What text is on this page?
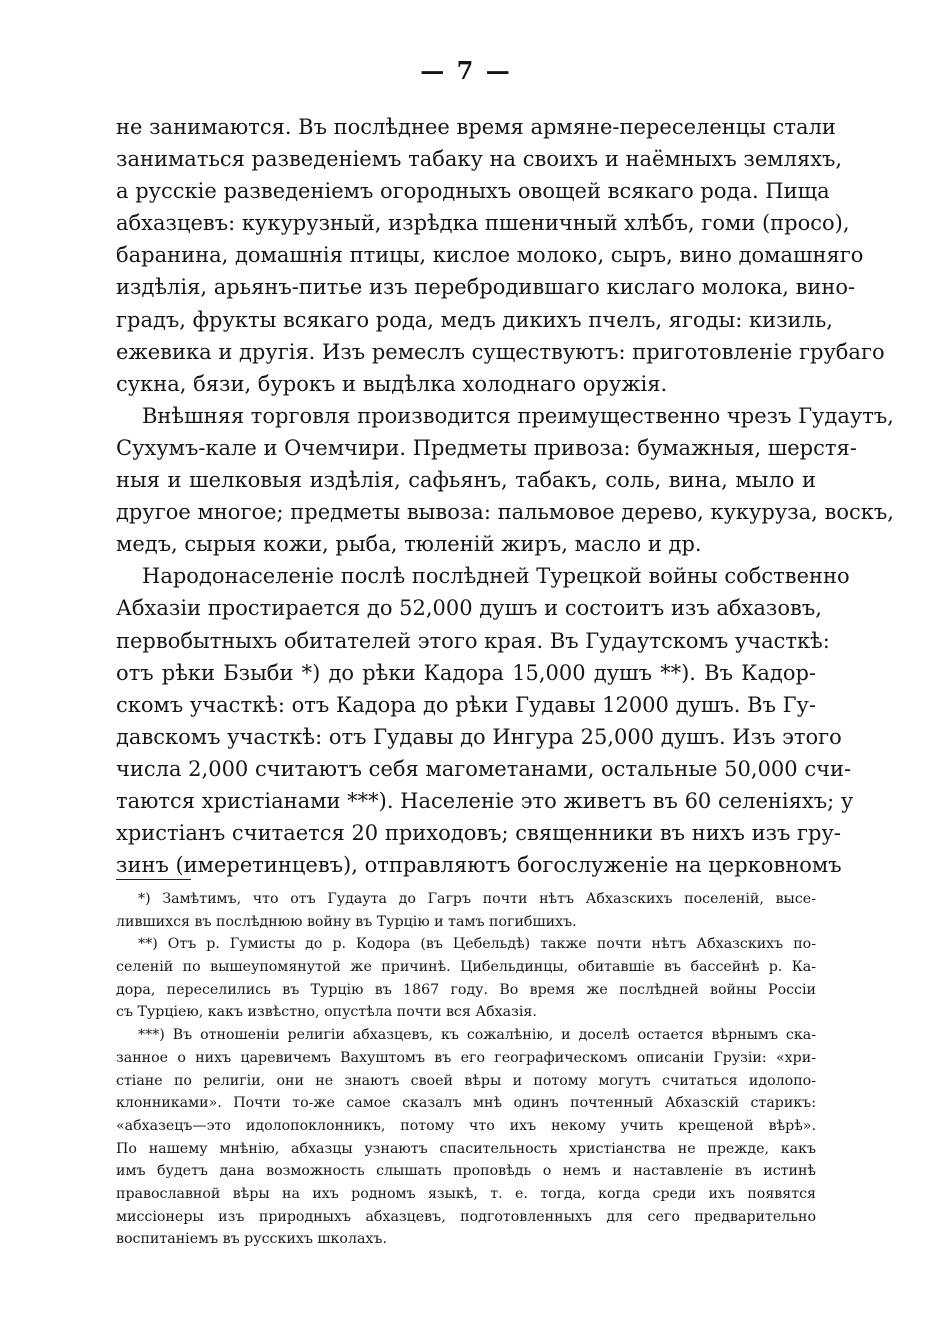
— 7 —
не занимаются. Въ послѣднее время армяне-переселенцы стали
заниматься разведенiемъ табаку на своихъ и наёмныхъ земляхъ,
а русскiе разведенiемъ огородныхъ овощей всякаго рода. Пища
абхазцевъ: кукурузный, изрѣдка пшеничный хлѣбъ, гоми (просо),
баранина, домашнiя птицы, кислое молоко, сыръ, вино домашняго
издѣлiя, арьянъ-питье изъ перебродившаго кислаго молока, вино-
градъ, фрукты всякаго рода, медъ дикихъ пчелъ, ягоды: кизиль,
ежевика и другiя. Изъ ремеслъ существуютъ: приготовленiе грубаго
сукна, бязи, бурокъ и выдѣлка холоднаго оружiя.
Внѣшняя торговля производится преимущественно чрезъ Гудаутъ,
Сухумъ-кале и Очемчири. Предметы привоза: бумажныя, шерстя-
ныя и шелковыя издѣлiя, сафьянъ, табакъ, соль, вина, мыло и
другое многое; предметы вывоза: пальмовое дерево, кукуруза, воскъ,
медъ, сырыя кожи, рыба, тюленiй жиръ, масло и др.
Народонаселенiе послѣ послѣдней Турецкой войны собственно
Абхазiи простирается до 52,000 душъ и состоитъ изъ абхазовъ,
первобытныхъ обитателей этого края. Въ Гудаутскомъ участкѣ:
отъ рѣки Бзыби *) до рѣки Кадора 15,000 душъ **). Въ Кадор-
скомъ участкѣ: отъ Кадора до рѣки Гудавы 12000 душъ. Въ Гу-
давскомъ участкѣ: отъ Гудавы до Ингура 25,000 душъ. Изъ этого
числа 2,000 считаютъ себя магометанами, остальные 50,000 счи-
таются христiанами ***). Населенiе это живетъ въ 60 селенiяхъ; у
христiанъ считается 20 приходовъ; священники въ нихъ изъ гру-
зинъ (имеретинцевъ), отправляютъ богослуженiе на церковномъ
*) Замѣтимъ, что отъ Гудаута до Гагръ почти нѣтъ Абхазскихъ поселенiй, высе-
лившихся въ послѣднюю войну въ Турцiю и тамъ погибшихъ.
**) Отъ р. Гумисты до р. Кодора (въ Цебельдѣ) также почти нѣтъ Абхазскихъ по-
селенiй по вышеупомянутой же причинѣ. Цибельдинцы, обитавшiе въ бассейнѣ р. Ка-
дора, переселились въ Турцiю въ 1867 году. Во время же послѣдней войны Россiи
съ Турцiею, какъ извѣстно, опустѣла почти вся Абхазiя.
***) Въ отношенiи религiи абхазцевъ, къ сожалѣнiю, и доселѣ остается вѣрнымъ ска-
занное о нихъ царевичемъ Вахуштомъ въ его географическомъ описанiи Грузiи: «хри-
стiане по религiи, они не знаютъ своей вѣры и потому могутъ считаться идолопо-
клонниками». Почти то-же самое сказалъ мнѣ одинъ почтенный Абхазскiй старикъ:
«абхазецъ—это идолопоклонникъ, потому что ихъ некому учить крещеной вѣрѣ».
По нашему мнѣнiю, абхазцы узнаютъ спасительность христiанства не прежде, какъ
имъ будетъ дана возможность слышать проповѣдь о немъ и наставленiе въ истинѣ
православной вѣры на ихъ родномъ языкѣ, т. е. тогда, когда среди ихъ появятся
миссiонеры изъ природныхъ абхазцевъ, подготовленныхъ для сего предварительно
воспитанiемъ въ русскихъ школахъ.
